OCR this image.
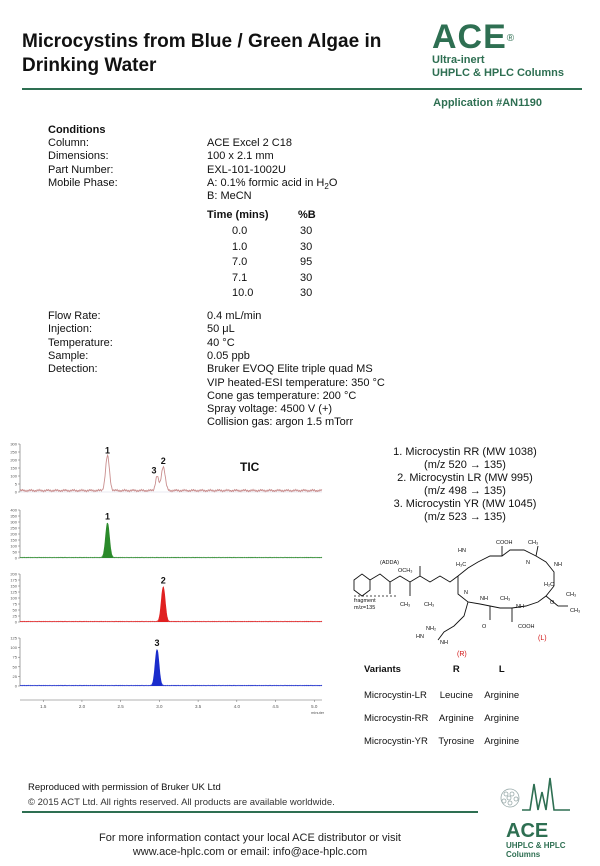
Microcystins from Blue / Green Algae in Drinking Water
ACE®
Ultra-inert
UHPLC & HPLC Columns
Application #AN1190
Conditions
Column:	ACE Excel 2 C18
Dimensions:	100 x 2.1 mm
Part Number:	EXL-101-1002U
Mobile Phase:	A: 0.1% formic acid in $H_2O$
B: MeCN
Time (mins)	%B
0.0	30
1.0	30
7.0	95
7.1	30
10.0	30
Flow Rate:	0.4 mL/min
Injection:	50 μL
Temperature:	40 °C
Sample:	0.05 ppb
Detection:	Bruker EVOQ Elite triple quad MS
VIP heated-ESI temperature: 350 °C
Cone gas temperature: 200 °C
Spray voltage: 4500 V (+)
Collision gas: argon 1.5 mTorr
0
5
100
150
200
250
300
1
3
2	TIC
0
50
100
150
200
250
300
350
400
1
0
25
50
75
100
125
150
175
200
2
0
25
50
75
100
125	3
1.5	2.0	2.5	3.0	3.5	4.0	4.5	5.0
minutes
1. Microcystin RR (MW 1038)
(m/z 520 → 135)
2. Microcystin LR (MW 995)
(m/z 498 → 135)
3. Microcystin YR (MW 1045)
(m/z 523 → 135)
(ADDA)
OCH₃
CH₃	CH₃
H₃C
HN
COOH	CH₃
N	NH
H₂C
CH₃
CH₃
N
NH CH₃
NH
COOH
O
O
NH₂
HN
NH
fragment
m/z=135
(R)
(L)
Variants	R	L
Microcystin-LR	Leucine	Arginine
Microcystin-RR	Arginine	Arginine
Microcystin-YR	Tyrosine	Arginine
Reproduced with permission of Bruker UK Ltd
© 2015 ACT Ltd. All rights reserved. All products are available worldwide.
For more information contact your local ACE distributor or visit
www.ace-hplc.com or email: info@ace-hplc.com
ACE
UHPLC & HPLC
Columns
